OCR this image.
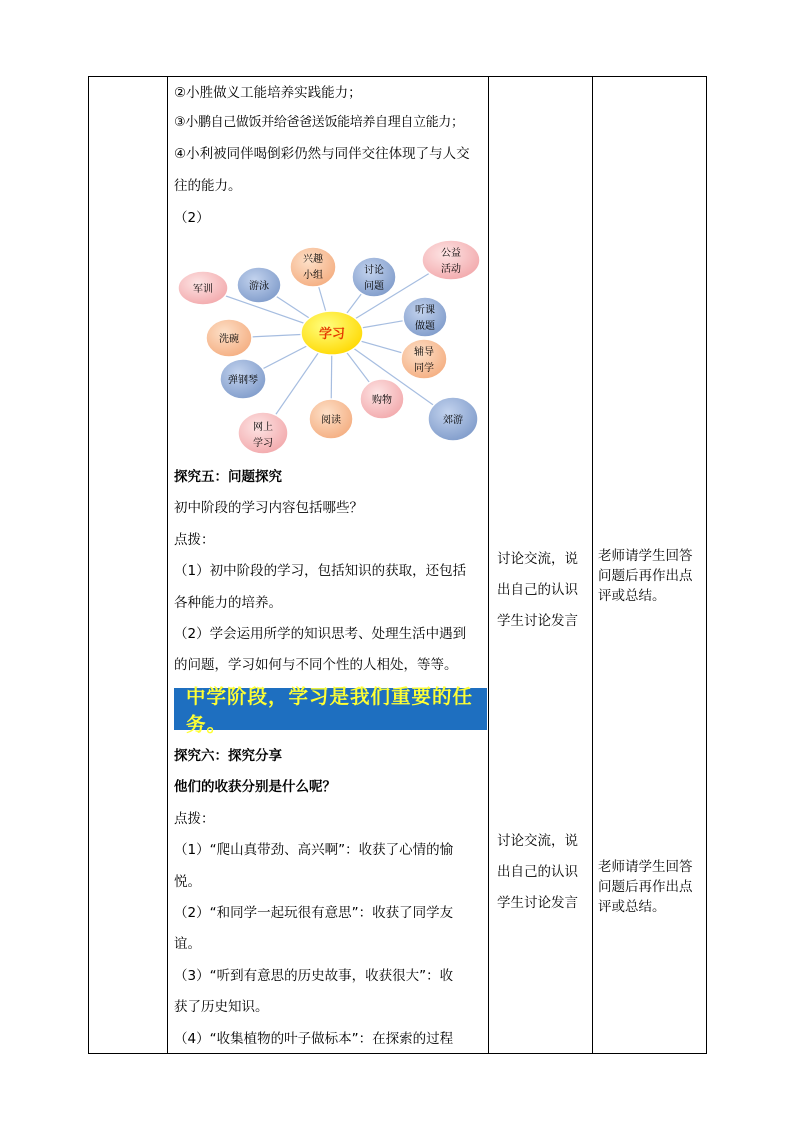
②小胜做义工能培养实践能力；
③小鹏自己做饭并给爸爸送饭能培养自理自立能力；
④小利被同伴喝倒彩仍然与同伴交往体现了与人交
往的能力。
（2）
军训	游泳
兴趣
小组	讨论
问题
公益
活动
听课
做题
辅导
同学
洗碗
弹钢琴
网上
学习
阅读
购物
郊游
学习
探究五：问题探究
初中阶段的学习内容包括哪些？
点拨：
（1）初中阶段的学习，包括知识的获取，还包括
各种能力的培养。
（2）学会运用所学的知识思考、处理生活中遇到
的问题，学习如何与不同个性的人相处，等等。
中学阶段，学习是我们重要的任务。
讨论交流，说
出自己的认识
学生讨论发言
老师请学生回答
问题后再作出点
评或总结。
探究六：探究分享
他们的收获分别是什么呢？
点拨：
（1）“爬山真带劲、高兴啊”：收获了心情的愉
悦。
（2）“和同学一起玩很有意思”：收获了同学友
谊。
（3）“听到有意思的历史故事，收获很大”：收
获了历史知识。
（4）“收集植物的叶子做标本”：在探索的过程
讨论交流，说
出自己的认识
学生讨论发言
老师请学生回答
问题后再作出点
评或总结。
